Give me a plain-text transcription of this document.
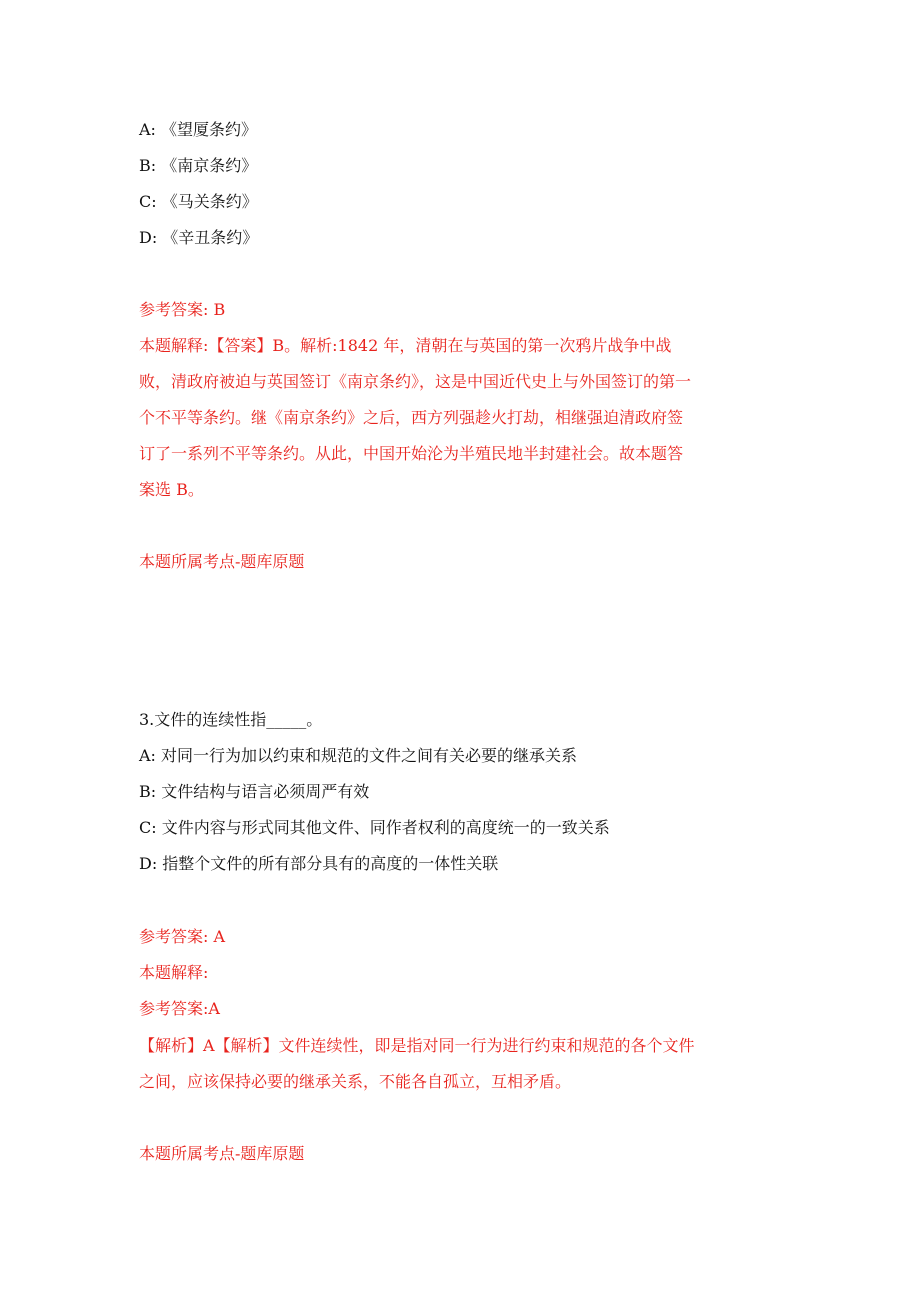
A: 《望厦条约》
B: 《南京条约》
C: 《马关条约》
D: 《辛丑条约》
参考答案: B
本题解释:【答案】B。解析:1842 年，清朝在与英国的第一次鸦片战争中战
败，清政府被迫与英国签订《南京条约》，这是中国近代史上与外国签订的第一
个不平等条约。继《南京条约》之后，西方列强趁火打劫，相继强迫清政府签
订了一系列不平等条约。从此，中国开始沦为半殖民地半封建社会。故本题答
案选 B。
本题所属考点-题库原题
3.文件的连续性指_____。
A: 对同一行为加以约束和规范的文件之间有关必要的继承关系
B: 文件结构与语言必须周严有效
C: 文件内容与形式同其他文件、同作者权利的高度统一的一致关系
D: 指整个文件的所有部分具有的高度的一体性关联
参考答案: A
本题解释:
参考答案:A
【解析】A【解析】文件连续性，即是指对同一行为进行约束和规范的各个文件
之间，应该保持必要的继承关系，不能各自孤立，互相矛盾。
本题所属考点-题库原题
